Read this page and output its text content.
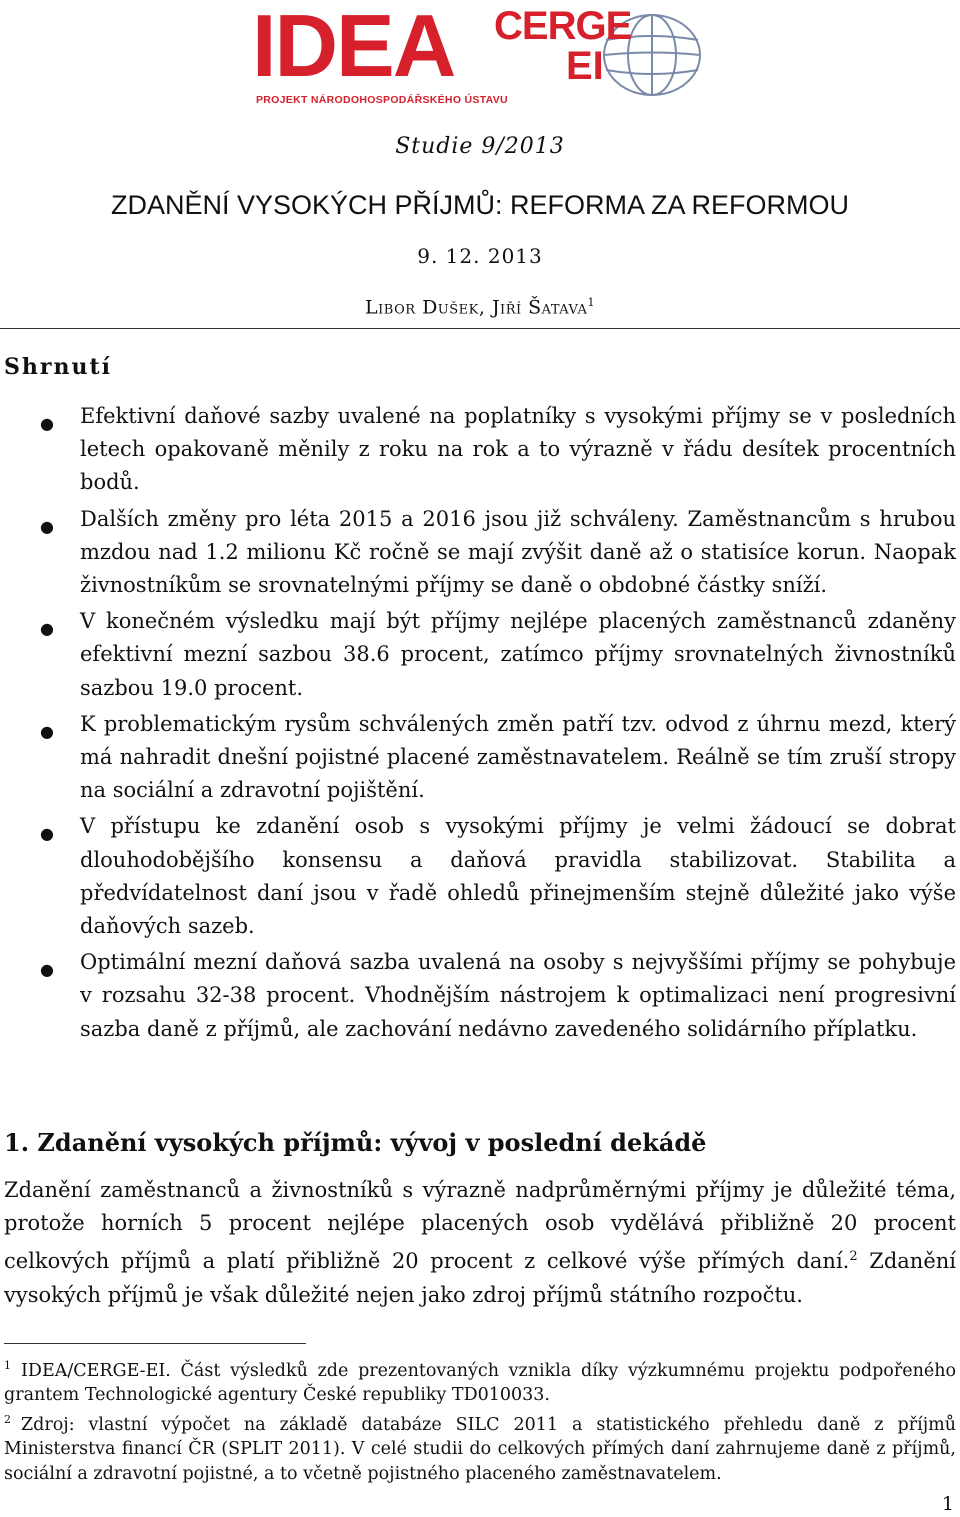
IDEA CERGE
EI
PROJEKT NÁRODOHOSPODÁŘSKÉHO ÚSTAVU
Studie 9/2013
ZDANĚNÍ VYSOKÝCH PŘÍJMŮ: REFORMA ZA REFORMOU
9. 12. 2013
Libor Dušek, Jiří Šatava$^1$
Shrnutí
● Efektivní daňové sazby uvalené na poplatníky s vysokými příjmy se v posledních letech opakovaně měnily z roku na rok a to výrazně v řádu desítek procentních bodů.
● Dalších změny pro léta 2015 a 2016 jsou již schváleny. Zaměstnancům s hrubou mzdou nad 1.2 milionu Kč ročně se mají zvýšit daně až o statisíce korun. Naopak živnostníkům se srovnatelnými příjmy se daně o obdobné částky sníží.
● V konečném výsledku mají být příjmy nejlépe placených zaměstnanců zdaněny efektivní mezní sazbou 38.6 procent, zatímco příjmy srovnatelných živnostníků sazbou 19.0 procent.
● K problematickým rysům schválených změn patří tzv. odvod z úhrnu mezd, který má nahradit dnešní pojistné placené zaměstnavatelem. Reálně se tím zruší stropy na sociální a zdravotní pojištění.
● V přístupu ke zdanění osob s vysokými příjmy je velmi žádoucí se dobrat dlouhodobějšího konsensu a daňová pravidla stabilizovat. Stabilita a předvídatelnost daní jsou v řadě ohledů přinejmenším stejně důležité jako výše daňových sazeb.
● Optimální mezní daňová sazba uvalená na osoby s nejvyššími příjmy se pohybuje v rozsahu 32-38 procent. Vhodnějším nástrojem k optimalizaci není progresivní sazba daně z příjmů, ale zachování nedávno zavedeného solidárního příplatku.
1. Zdanění vysokých příjmů: vývoj v poslední dekádě

Zdanění zaměstnanců a živnostníků s výrazně nadprůměrnými příjmy je důležité téma, protože horních 5 procent nejlépe placených osob vydělává přibližně 20 procent celkových příjmů a platí přibližně 20 procent z celkové výše přímých daní.$^2$ Zdanění vysokých příjmů je však důležité nejen jako zdroj příjmů státního rozpočtu.

$^1$ IDEA/CERGE-EI. Část výsledků zde prezentovaných vznikla díky výzkumnému projektu podpořeného grantem Technologické agentury České republiky TD010033.

$^2$ Zdroj: vlastní výpočet na základě databáze SILC 2011 a statistického přehledu daně z příjmů Ministerstva financí ČR (SPLIT 2011). V celé studii do celkových přímých daní zahrnujeme daně z příjmů, sociální a zdravotní pojistné, a to včetně pojistného placeného zaměstnavatelem.

1
